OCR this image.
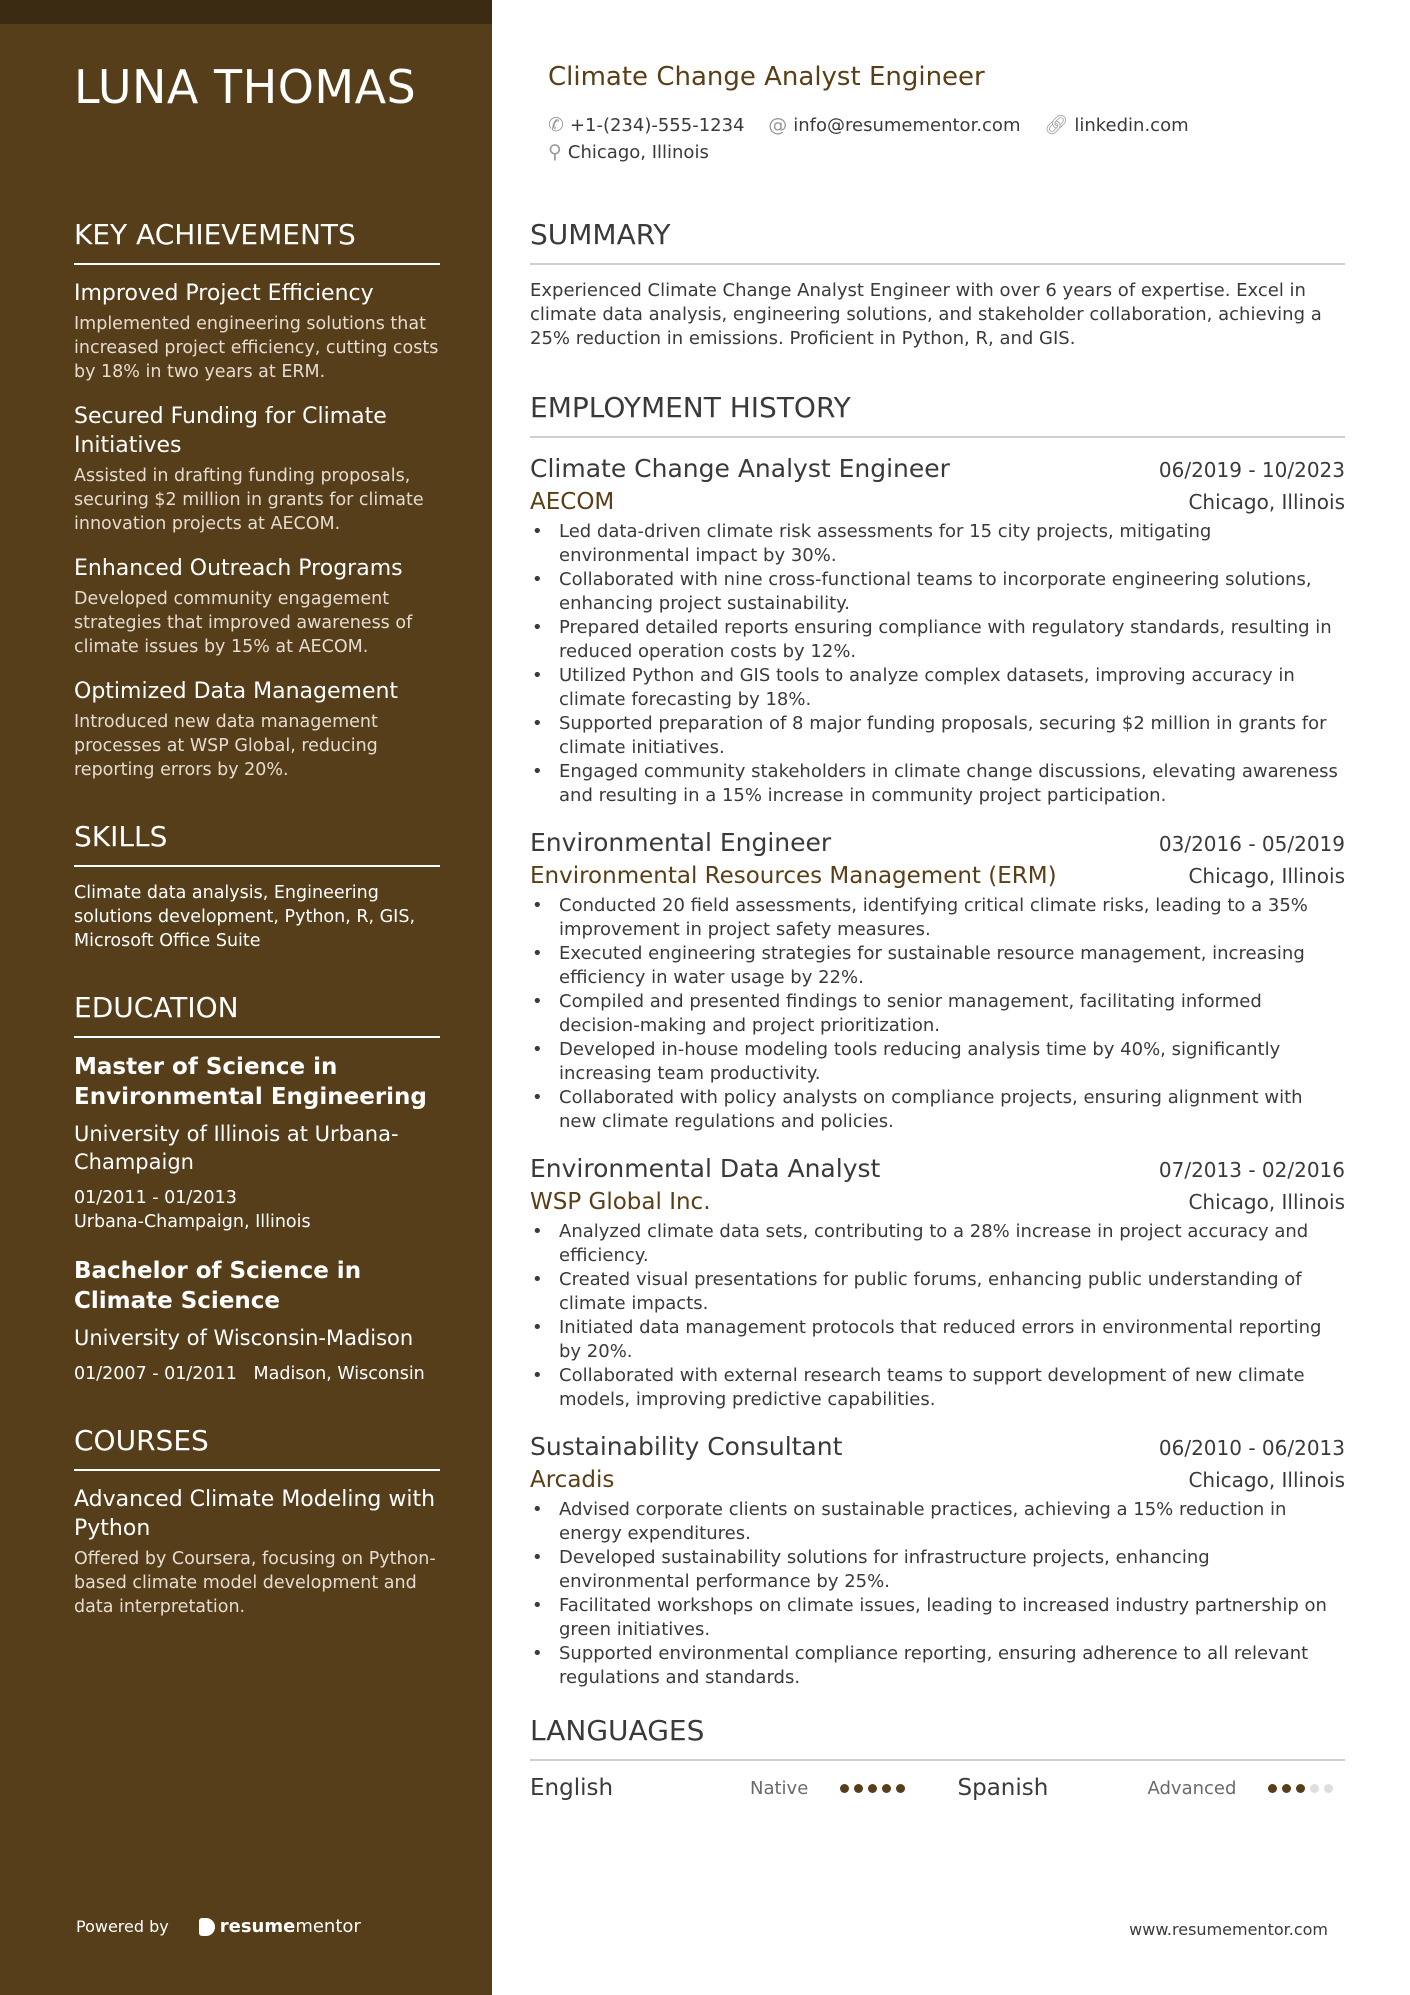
LUNA THOMAS
KEY ACHIEVEMENTS
Improved Project Efficiency
Implemented engineering solutions that increased project efficiency, cutting costs by 18% in two years at ERM.
Secured Funding for Climate Initiatives
Assisted in drafting funding proposals, securing $2 million in grants for climate innovation projects at AECOM.
Enhanced Outreach Programs
Developed community engagement strategies that improved awareness of climate issues by 15% at AECOM.
Optimized Data Management
Introduced new data management processes at WSP Global, reducing reporting errors by 20%.
SKILLS
Climate data analysis, Engineering solutions development, Python, R, GIS, Microsoft Office Suite
EDUCATION
Master of Science in Environmental Engineering
University of Illinois at Urbana-Champaign
01/2011 - 01/2013
Urbana-Champaign, Illinois
Bachelor of Science in Climate Science
University of Wisconsin-Madison
01/2007 - 01/2011 Madison, Wisconsin
COURSES
Advanced Climate Modeling with Python
Offered by Coursera, focusing on Python-based climate model development and data interpretation.
Powered by	resume mentor
Climate Change Analyst Engineer
✆ +1-(234)-555-1234
@ info@resumementor.com
🔗︎ linkedin.com

⚲ Chicago, Illinois
SUMMARY
Experienced Climate Change Analyst Engineer with over 6 years of expertise. Excel in climate data analysis, engineering solutions, and stakeholder collaboration, achieving a 25% reduction in emissions. Proficient in Python, R, and GIS.
EMPLOYMENT HISTORY
Climate Change Analyst Engineer	06/2019 - 10/2023
AECOM	Chicago, Illinois
• Led data-driven climate risk assessments for 15 city projects, mitigating environmental impact by 30%.
• Collaborated with nine cross-functional teams to incorporate engineering solutions, enhancing project sustainability.
• Prepared detailed reports ensuring compliance with regulatory standards, resulting in reduced operation costs by 12%.
• Utilized Python and GIS tools to analyze complex datasets, improving accuracy in climate forecasting by 18%.
• Supported preparation of 8 major funding proposals, securing $2 million in grants for climate initiatives.
• Engaged community stakeholders in climate change discussions, elevating awareness and resulting in a 15% increase in community project participation.
Environmental Engineer	03/2016 - 05/2019
Environmental Resources Management (ERM)	Chicago, Illinois
• Conducted 20 field assessments, identifying critical climate risks, leading to a 35% improvement in project safety measures.
• Executed engineering strategies for sustainable resource management, increasing efficiency in water usage by 22%.
• Compiled and presented findings to senior management, facilitating informed decision-making and project prioritization.
• Developed in-house modeling tools reducing analysis time by 40%, significantly increasing team productivity.
• Collaborated with policy analysts on compliance projects, ensuring alignment with new climate regulations and policies.
Environmental Data Analyst	07/2013 - 02/2016
WSP Global Inc.	Chicago, Illinois
• Analyzed climate data sets, contributing to a 28% increase in project accuracy and efficiency.
• Created visual presentations for public forums, enhancing public understanding of climate impacts.
• Initiated data management protocols that reduced errors in environmental reporting by 20%.
• Collaborated with external research teams to support development of new climate models, improving predictive capabilities.
Sustainability Consultant	06/2010 - 06/2013
Arcadis	Chicago, Illinois
• Advised corporate clients on sustainable practices, achieving a 15% reduction in energy expenditures.
• Developed sustainability solutions for infrastructure projects, enhancing environmental performance by 25%.
• Facilitated workshops on climate issues, leading to increased industry partnership on green initiatives.
• Supported environmental compliance reporting, ensuring adherence to all relevant regulations and standards.
LANGUAGES
English	Native	Spanish	Advanced
www.resumementor.com
